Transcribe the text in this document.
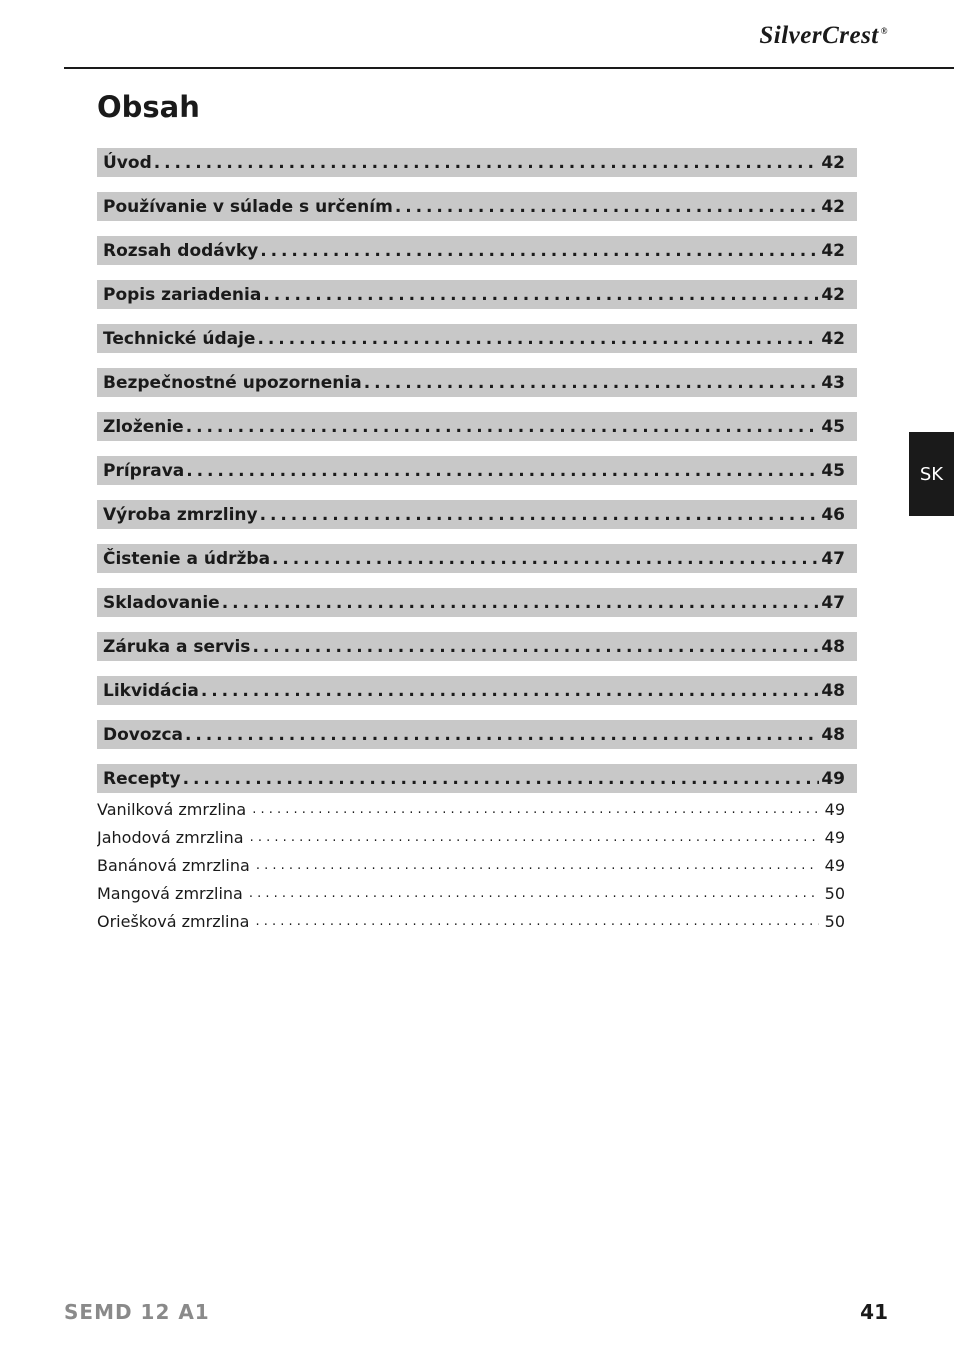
SilverCrest ®
Obsah
Úvod . . .	42
Používanie v súlade s určením . . .	42
Rozsah dodávky . . .	42
Popis zariadenia . . .	42
Technické údaje . . .	42
Bezpečnostné upozornenia . . .	43
Zloženie . . .	45
Príprava . . .	45
Výroba zmrzliny . . .	46
Čistenie a údržba . . .	47
Skladovanie . . .	47
Záruka a servis . . .	48
Likvidácia . . .	48
Dovozca . . .	48
Recepty . . .	49
Vanilková zmrzlina . . .	49
Jahodová zmrzlina . . .	49
Banánová zmrzlina . . .	49
Mangová zmrzlina . . .	50
Oriešková zmrzlina . . .	50
SK
SEMD 12 A1	41
